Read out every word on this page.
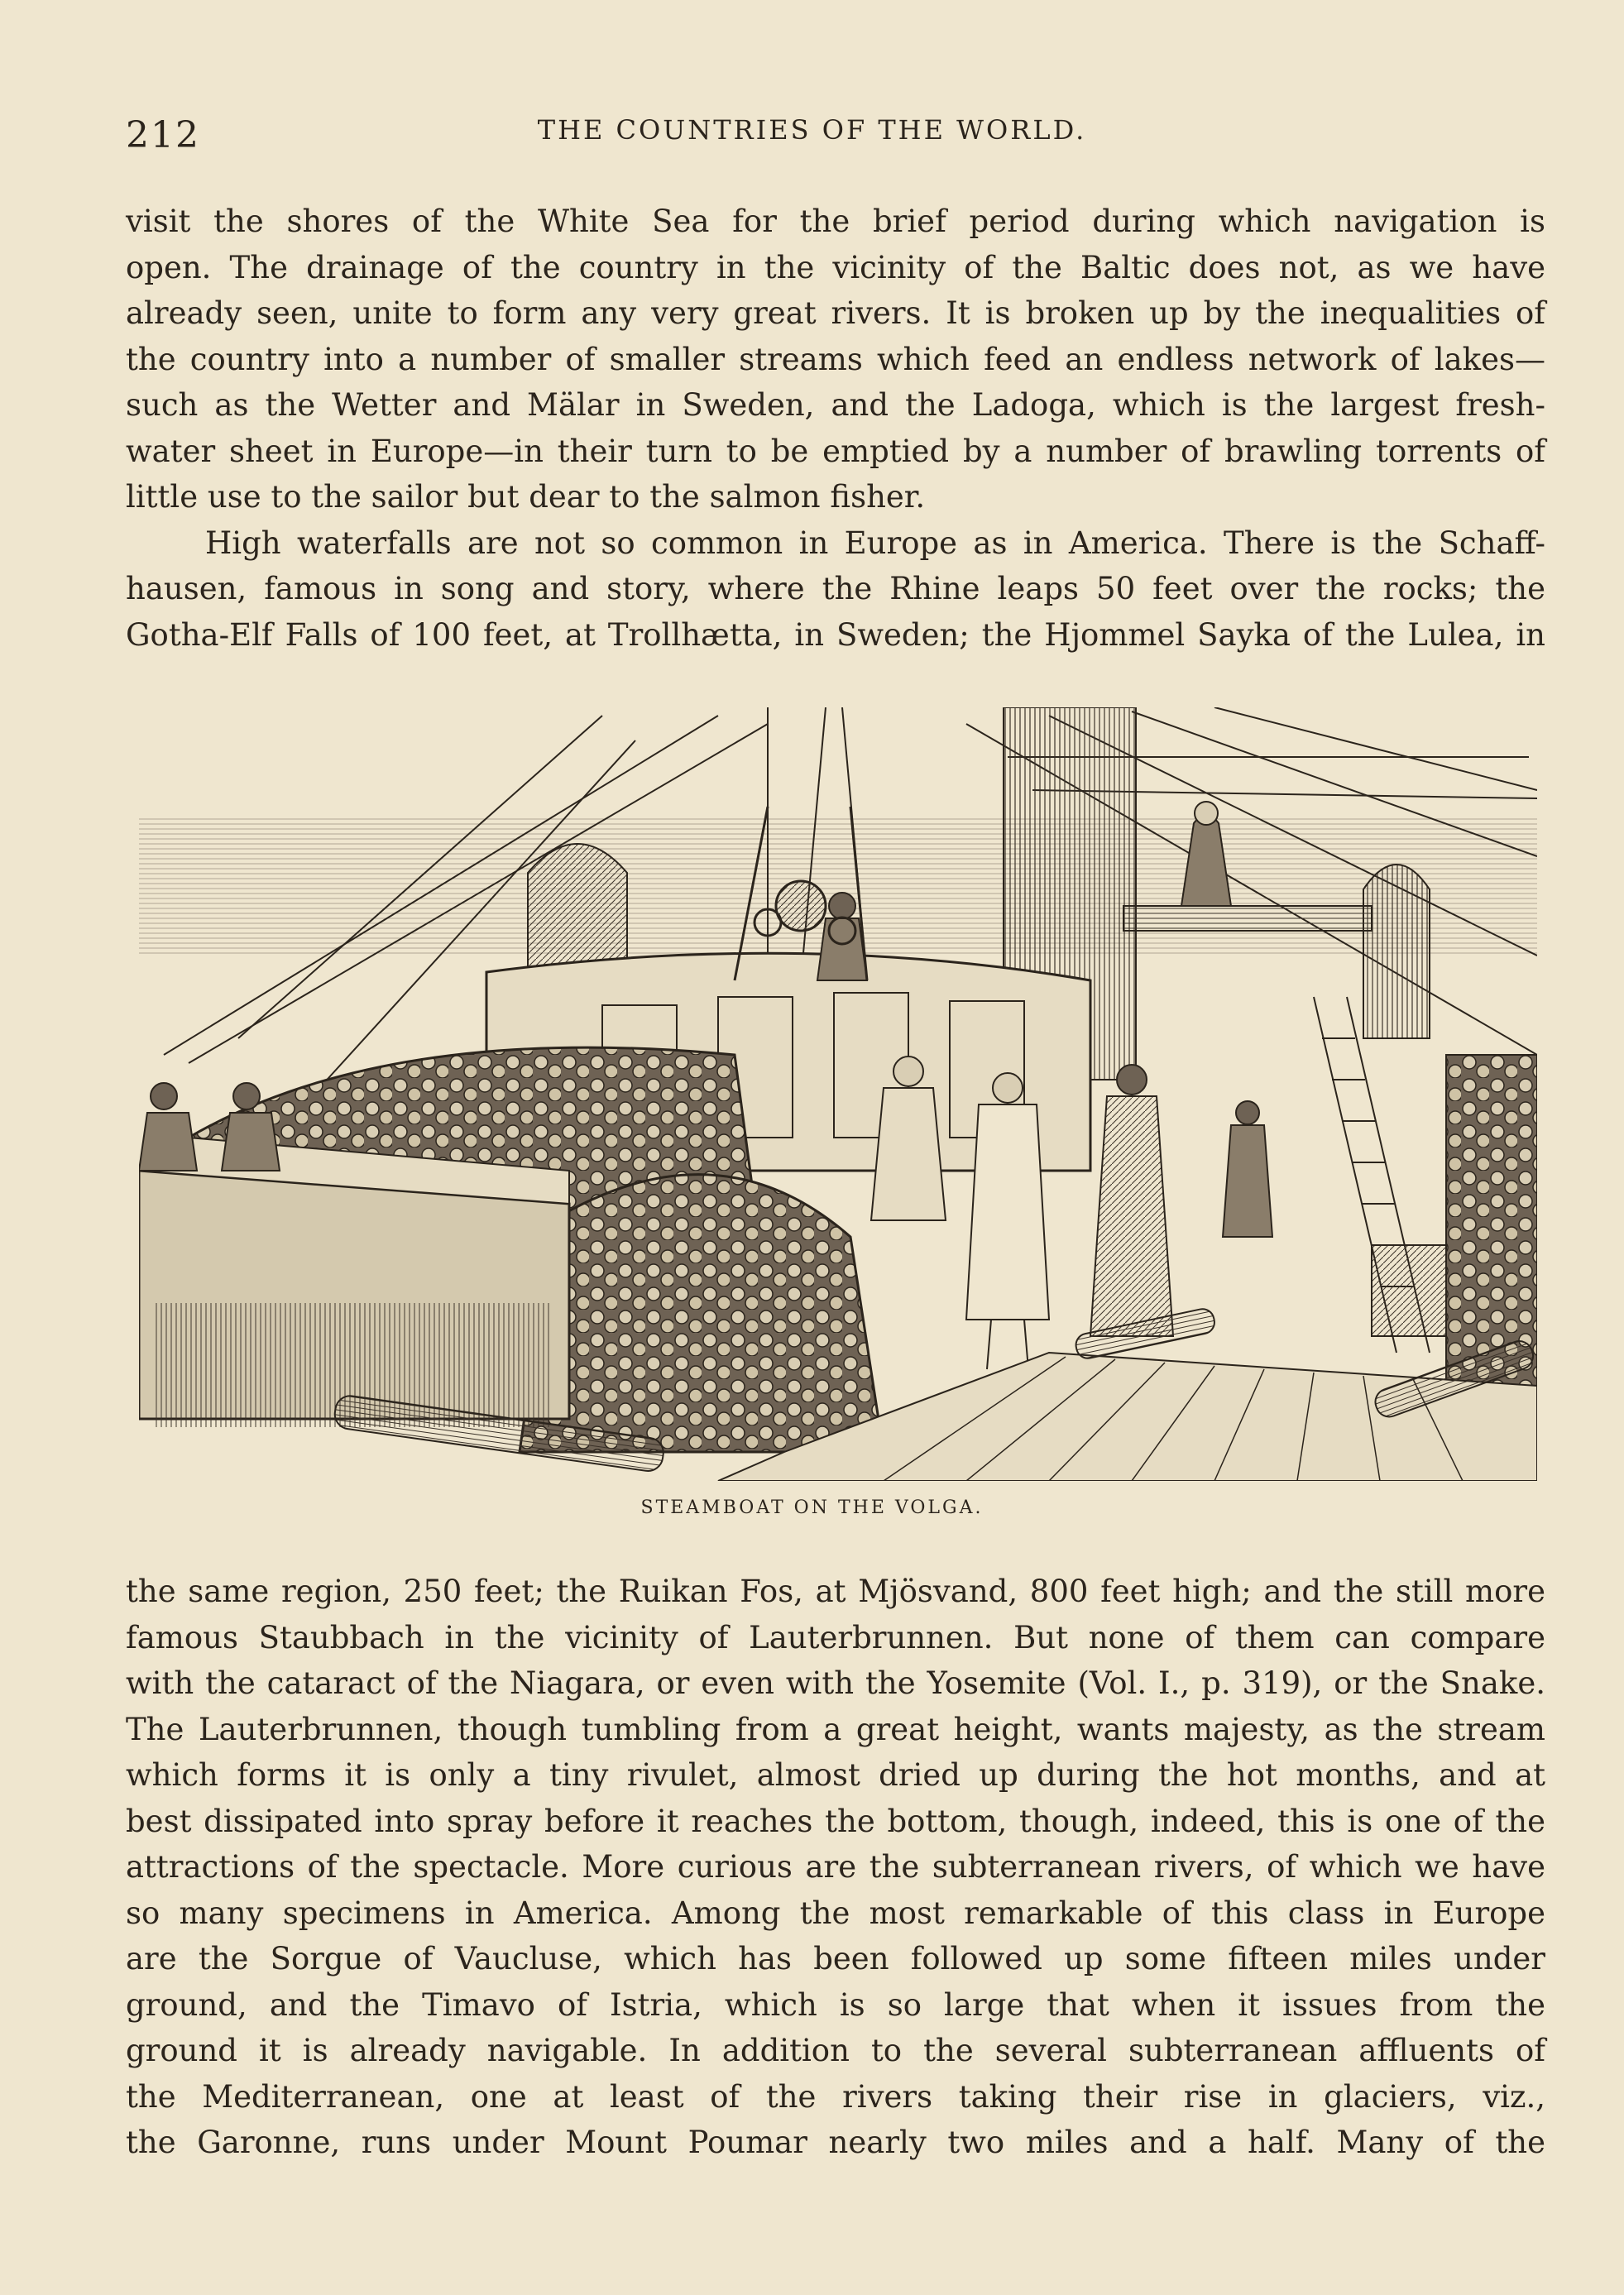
212	THE COUNTRIES OF THE WORLD.
visit the shores of the White Sea for the brief period during which navigation is
open. The drainage of the country in the vicinity of the Baltic does not, as we have
already seen, unite to form any very great rivers. It is broken up by the inequalities of
the country into a number of smaller streams which feed an endless network of lakes—
such as the Wetter and Mälar in Sweden, and the Ladoga, which is the largest fresh-
water sheet in Europe—in their turn to be emptied by a number of brawling torrents of
little use to the sailor but dear to the salmon fisher.
High waterfalls are not so common in Europe as in America. There is the Schaff-
hausen, famous in song and story, where the Rhine leaps 50 feet over the rocks; the
Gotha-Elf Falls of 100 feet, at Trollhætta, in Sweden; the Hjommel Sayka of the Lulea, in
STEAMBOAT ON THE VOLGA.
the same region, 250 feet; the Ruikan Fos, at Mjösvand, 800 feet high; and the still more
famous Staubbach in the vicinity of Lauterbrunnen. But none of them can compare
with the cataract of the Niagara, or even with the Yosemite (Vol. I., p. 319), or the Snake.
The Lauterbrunnen, though tumbling from a great height, wants majesty, as the stream
which forms it is only a tiny rivulet, almost dried up during the hot months, and at
best dissipated into spray before it reaches the bottom, though, indeed, this is one of the
attractions of the spectacle. More curious are the subterranean rivers, of which we have
so many specimens in America. Among the most remarkable of this class in Europe
are the Sorgue of Vaucluse, which has been followed up some fifteen miles under
ground, and the Timavo of Istria, which is so large that when it issues from the
ground it is already navigable. In addition to the several subterranean affluents of
the Mediterranean, one at least of the rivers taking their rise in glaciers, viz.,
the Garonne, runs under Mount Poumar nearly two miles and a half. Many of the
